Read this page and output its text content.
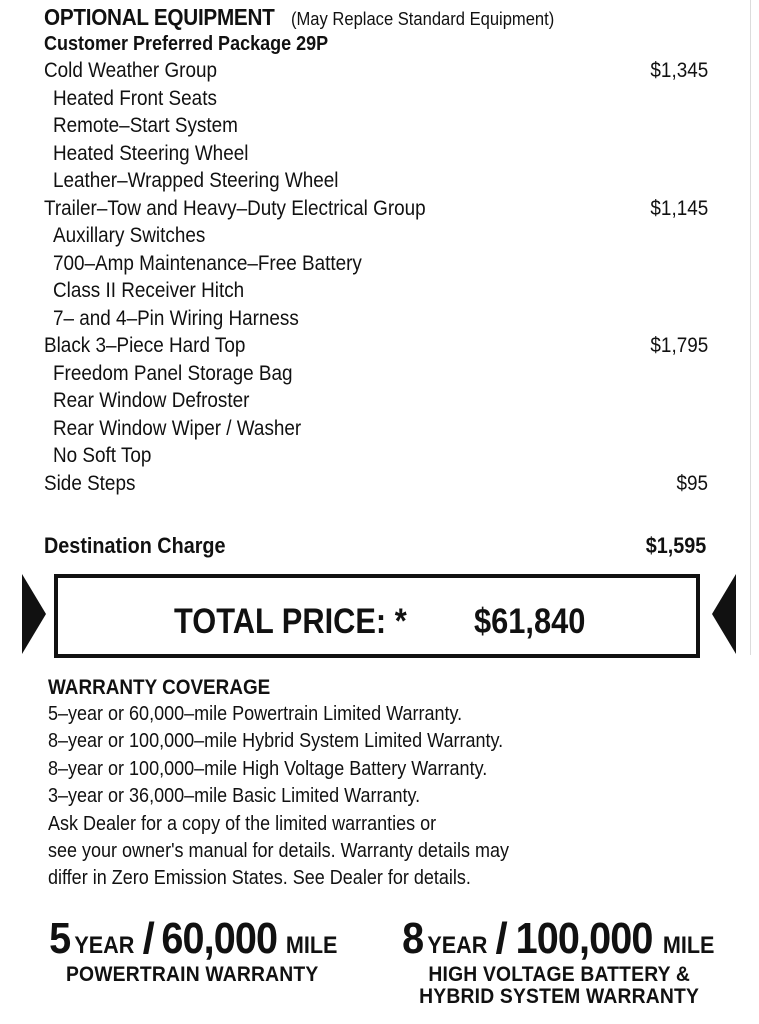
OPTIONAL EQUIPMENT (May Replace Standard Equipment)
Customer Preferred Package 29P
Cold Weather Group	$1,345
Heated Front Seats
Remote–Start System
Heated Steering Wheel
Leather–Wrapped Steering Wheel
Trailer–Tow and Heavy–Duty Electrical Group	$1,145
Auxillary Switches
700–Amp Maintenance–Free Battery
Class II Receiver Hitch
7– and 4–Pin Wiring Harness
Black 3–Piece Hard Top	$1,795
Freedom Panel Storage Bag
Rear Window Defroster
Rear Window Wiper / Washer
No Soft Top
Side Steps	$95
Destination Charge	$1,595
TOTAL PRICE: * $61,840
WARRANTY COVERAGE
5–year or 60,000–mile Powertrain Limited Warranty.
8–year or 100,000–mile Hybrid System Limited Warranty.
8–year or 100,000–mile High Voltage Battery Warranty.
3–year or 36,000–mile Basic Limited Warranty.
Ask Dealer for a copy of the limited warranties or
see your owner's manual for details. Warranty details may
differ in Zero Emission States. See Dealer for details.
5 YEAR / 60,000 MILE
POWERTRAIN WARRANTY
8 YEAR / 100,000 MILE
HIGH VOLTAGE BATTERY &
HYBRID SYSTEM WARRANTY
